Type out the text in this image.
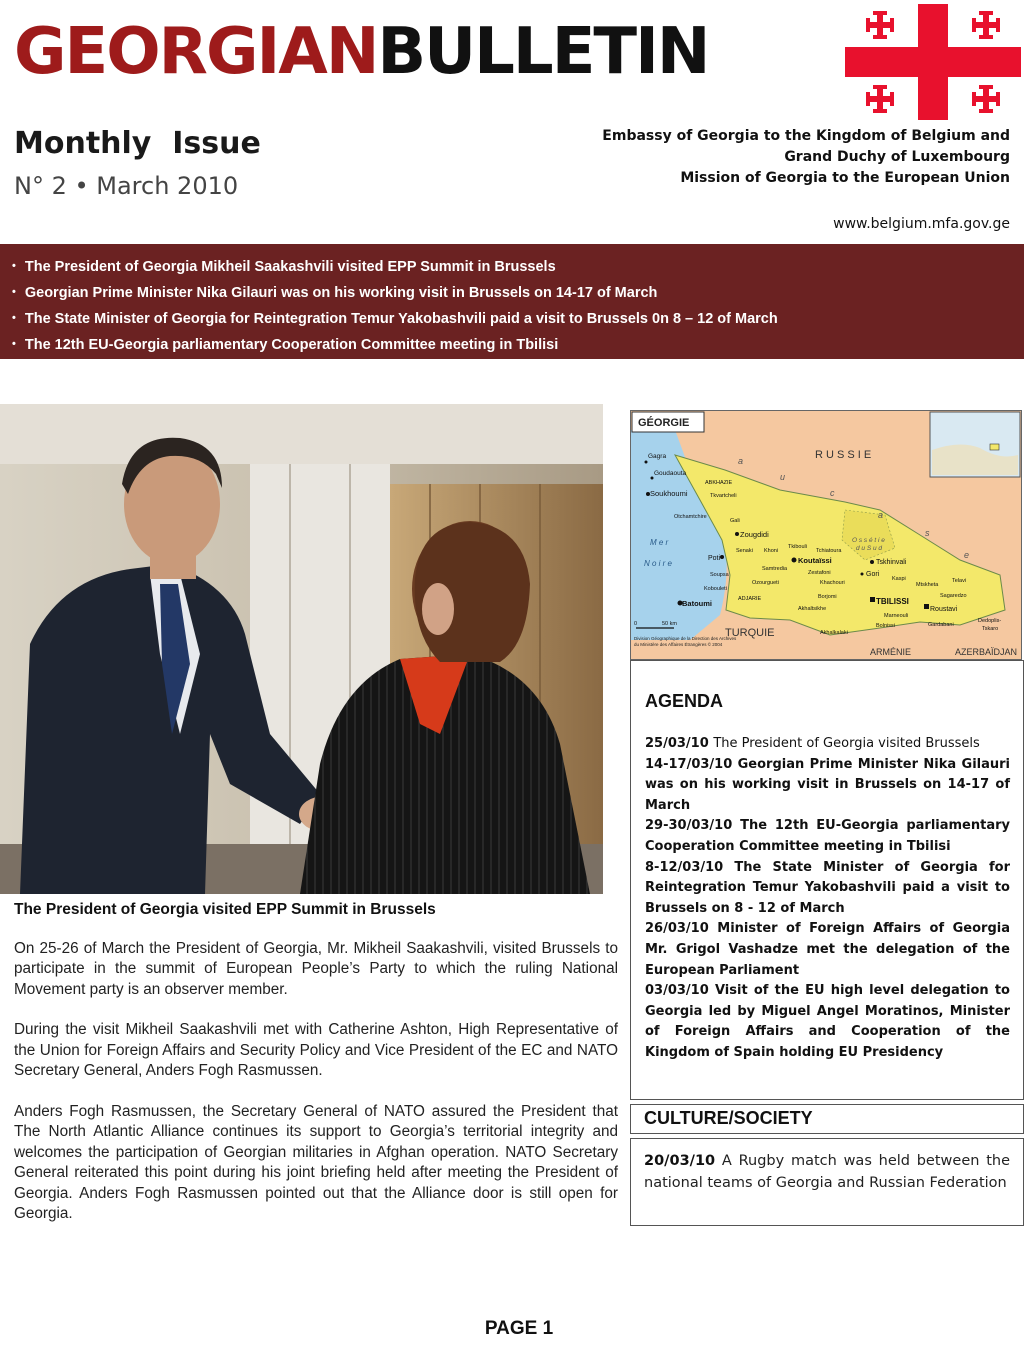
GEORGIANBULLETIN
Monthly  Issue
N° 2 • March 2010
Embassy of Georgia to the Kingdom of Belgium and
Grand Duchy of Luxembourg
Mission of Georgia to the European Union
www.belgium.mfa.gov.ge
• The President of Georgia Mikheil Saakashvili visited EPP Summit in Brussels
• Georgian Prime Minister Nika Gilauri was on his working visit in Brussels on 14-17 of March
• The State Minister of Georgia for Reintegration Temur Yakobashvili paid a visit to Brussels 0n 8 – 12 of March
• The 12th EU-Georgia parliamentary Cooperation Committee meeting in Tbilisi
The President of Georgia visited EPP Summit in Brussels

On 25-26 of March the President of Georgia, Mr. Mikheil Saakashvili, visited Brussels to participate in the summit of European People’s Party to which the ruling National Movement party is an observer member.

During the visit Mikheil Saakashvili met with Catherine Ashton, High Representative of the Union for Foreign Affairs and Security Policy and Vice President of the EC and NATO Secretary General, Anders Fogh Rasmussen.

Anders Fogh Rasmussen, the Secretary General of NATO assured the President that The North Atlantic Alliance continues its support to Georgia’s territorial integrity and welcomes the participation of Georgian militaries in Afghan operation. NATO Secretary General reiterated this point during his joint briefing held after meeting the President of Georgia. Anders Fogh Rasmussen pointed out that the Alliance door is still open for Georgia.

GÉORGIE
R U S S I E
TURQUIE
ARMÉNIE	AZERBAÏDJAN
M e r
N o i r e
a
u
c
a
s
e
O s s é t i e
d u S u d
Gagra
Goudaouta
ABKHAZIE
Tkvartcheli
Soukhoumi
Otchamtchire
Gali
Zougdidi
Senaki Khoni
Tkibouli
Tchiatoura
Tskhinvali
Poti	Koutaïssi
Samtredia
Zestafoni	Gori
Kaspi
Mtskheta
Telavi
Soupsa
Ozourgueti	Khachouri
Sagaredzo
Kobouleti
Borjomi
Batoumi	ADJARIE
Akhaltsikhe
TBILISSI
Roustavi
Marneouli
Bolnissi	Gardabani
Akhalkalaki
Dedoplis-
Tskaro
0	50 km
Division Géographique de la Direction des Archives
du Ministère des Affaires Étrangères © 2004
AGENDA
25/03/10 The President of Georgia visited Brussels
14-17/03/10 Georgian Prime Minister Nika Gilauri was on his working visit in Brussels on 14-17 of March
29-30/03/10 The 12th EU-Georgia parliamentary Cooperation Committee meeting in Tbilisi
8-12/03/10 The State Minister of Georgia for Reintegration Temur Yakobashvili paid a visit to Brussels on 8 - 12 of March
26/03/10 Minister of Foreign Affairs of Georgia Mr. Grigol Vashadze met the delegation of the European Parliament
03/03/10 Visit of the EU high level delegation to Georgia led by Miguel Angel Moratinos, Minister of Foreign Affairs and Cooperation of the Kingdom of Spain holding EU Presidency
CULTURE/SOCIETY
20/03/10 A Rugby match was held between the national teams of Georgia and Russian Federation
PAGE 1
